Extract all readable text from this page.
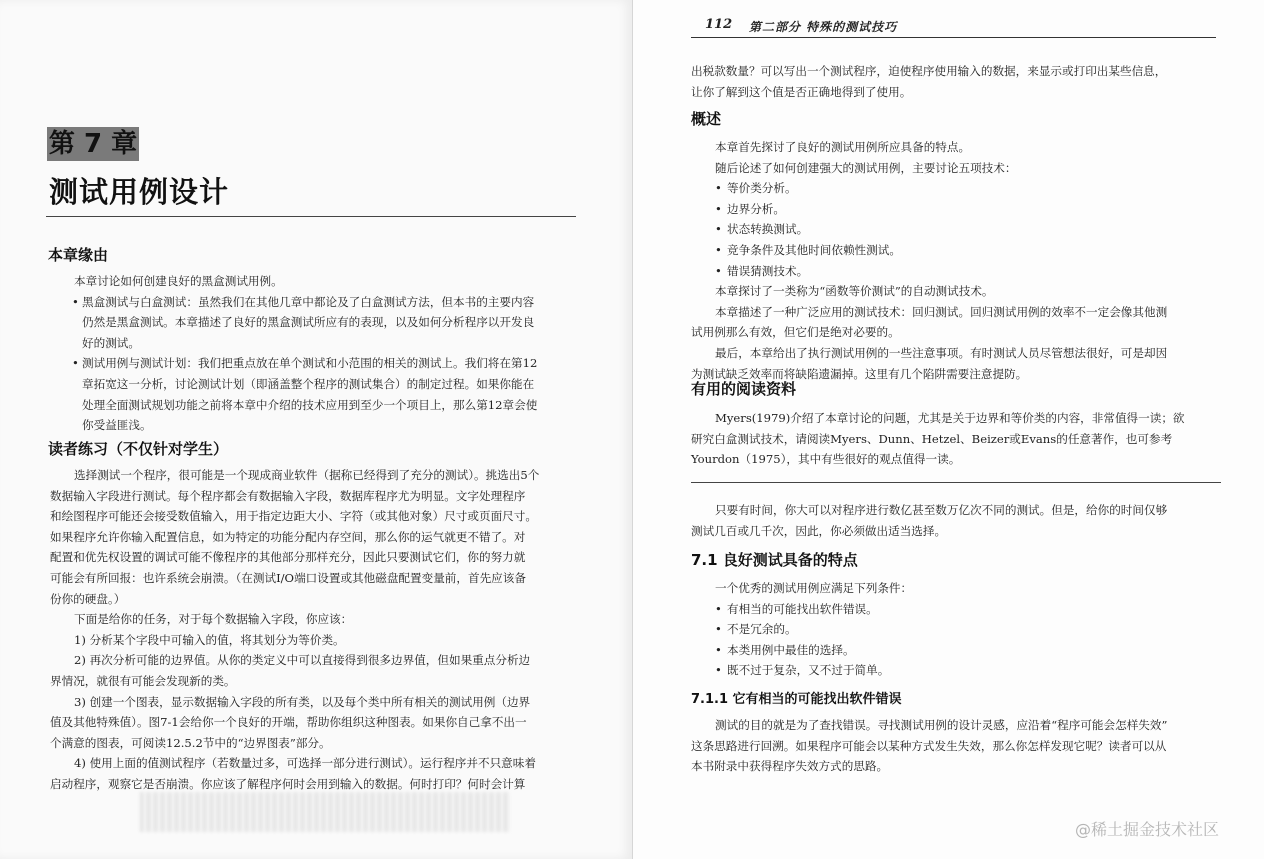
第 7 章
测试用例设计
本章缘由
本章讨论如何创建良好的黑盒测试用例。
• 黑盒测试与白盒测试：虽然我们在其他几章中都论及了白盒测试方法，但本书的主要内容
仍然是黑盒测试。本章描述了良好的黑盒测试所应有的表现，以及如何分析程序以开发良
好的测试。
• 测试用例与测试计划：我们把重点放在单个测试和小范围的相关的测试上。我们将在第12
章拓宽这一分析，讨论测试计划（即涵盖整个程序的测试集合）的制定过程。如果你能在
处理全面测试规划功能之前将本章中介绍的技术应用到至少一个项目上，那么第12章会使
你受益匪浅。
读者练习（不仅针对学生）
选择测试一个程序，很可能是一个现成商业软件（据称已经得到了充分的测试）。挑选出5个
数据输入字段进行测试。每个程序都会有数据输入字段，数据库程序尤为明显。文字处理程序
和绘图程序可能还会接受数值输入，用于指定边距大小、字符（或其他对象）尺寸或页面尺寸。
如果程序允许你输入配置信息，如为特定的功能分配内存空间，那么你的运气就更不错了。对
配置和优先权设置的调试可能不像程序的其他部分那样充分，因此只要测试它们，你的努力就
可能会有所回报：也许系统会崩溃。（在测试I/O端口设置或其他磁盘配置变量前，首先应该备
份你的硬盘。）
下面是给你的任务，对于每个数据输入字段，你应该：
1) 分析某个字段中可输入的值，将其划分为等价类。
2) 再次分析可能的边界值。从你的类定义中可以直接得到很多边界值，但如果重点分析边
界情况，就很有可能会发现新的类。
3) 创建一个图表，显示数据输入字段的所有类，以及每个类中所有相关的测试用例（边界
值及其他特殊值）。图7-1会给你一个良好的开端，帮助你组织这种图表。如果你自己拿不出一
个满意的图表，可阅读12.5.2节中的“边界图表”部分。
4) 使用上面的值测试程序（若数量过多，可选择一部分进行测试）。运行程序并不只意味着
启动程序，观察它是否崩溃。你应该了解程序何时会用到输入的数据。何时打印？何时会计算
112 第二部分 特殊的测试技巧
出税款数量？可以写出一个测试程序，迫使程序使用输入的数据，来显示或打印出某些信息，
让你了解到这个值是否正确地得到了使用。
概述
本章首先探讨了良好的测试用例所应具备的特点。
随后论述了如何创建强大的测试用例，主要讨论五项技术：
• 等价类分析。
• 边界分析。
• 状态转换测试。
• 竞争条件及其他时间依赖性测试。
• 错误猜测技术。
本章探讨了一类称为“函数等价测试”的自动测试技术。
本章描述了一种广泛应用的测试技术：回归测试。回归测试用例的效率不一定会像其他测
试用例那么有效，但它们是绝对必要的。
最后，本章给出了执行测试用例的一些注意事项。有时测试人员尽管想法很好，可是却因
为测试缺乏效率而将缺陷遗漏掉。这里有几个陷阱需要注意提防。
有用的阅读资料
Myers(1979)介绍了本章讨论的问题，尤其是关于边界和等价类的内容，非常值得一读；欲
研究白盒测试技术，请阅读Myers、Dunn、Hetzel、Beizer或Evans的任意著作，也可参考
Yourdon（1975），其中有些很好的观点值得一读。
只要有时间，你大可以对程序进行数亿甚至数万亿次不同的测试。但是，给你的时间仅够
测试几百或几千次，因此，你必须做出适当选择。
7.1 良好测试具备的特点
一个优秀的测试用例应满足下列条件：
• 有相当的可能找出软件错误。
• 不是冗余的。
• 本类用例中最佳的选择。
• 既不过于复杂，又不过于简单。
7.1.1 它有相当的可能找出软件错误
测试的目的就是为了查找错误。寻找测试用例的设计灵感，应沿着“程序可能会怎样失效”
这条思路进行回溯。如果程序可能会以某种方式发生失效，那么你怎样发现它呢？读者可以从
本书附录中获得程序失效方式的思路。
@稀土掘金技术社区
